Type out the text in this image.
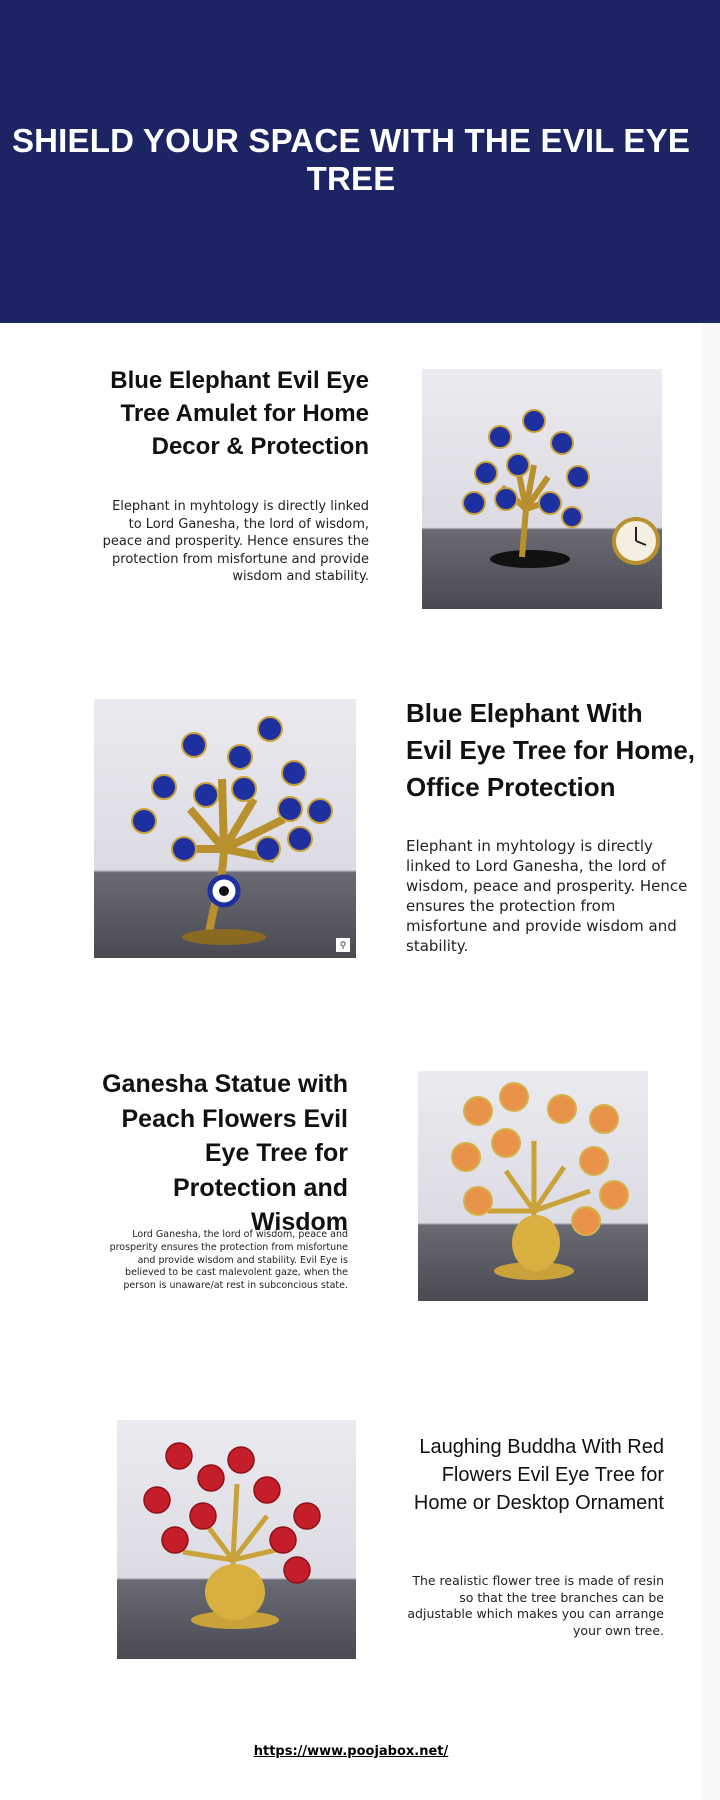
SHIELD YOUR SPACE WITH THE EVIL EYE TREE
Blue Elephant Evil Eye Tree Amulet for Home Decor & Protection

Elephant in myhtology is directly linked to Lord Ganesha, the lord of wisdom, peace and prosperity. Hence ensures the protection from misfortune and provide wisdom and stability.

⚲
Blue Elephant With Evil Eye Tree for Home, Office Protection

Elephant in myhtology is directly linked to Lord Ganesha, the lord of wisdom, peace and prosperity. Hence ensures the protection from misfortune and provide wisdom and stability.

Ganesha Statue with Peach Flowers Evil Eye Tree for Protection and Wisdom

Lord Ganesha, the lord of wisdom, peace and prosperity ensures the protection from misfortune and provide wisdom and stability. Evil Eye is believed to be cast malevolent gaze, when the person is unaware/at rest in subconcious state.

Laughing Buddha With Red Flowers Evil Eye Tree for Home or Desktop Ornament

The realistic flower tree is made of resin so that the tree branches can be adjustable which makes you can arrange your own tree.

https://www.poojabox.net/
